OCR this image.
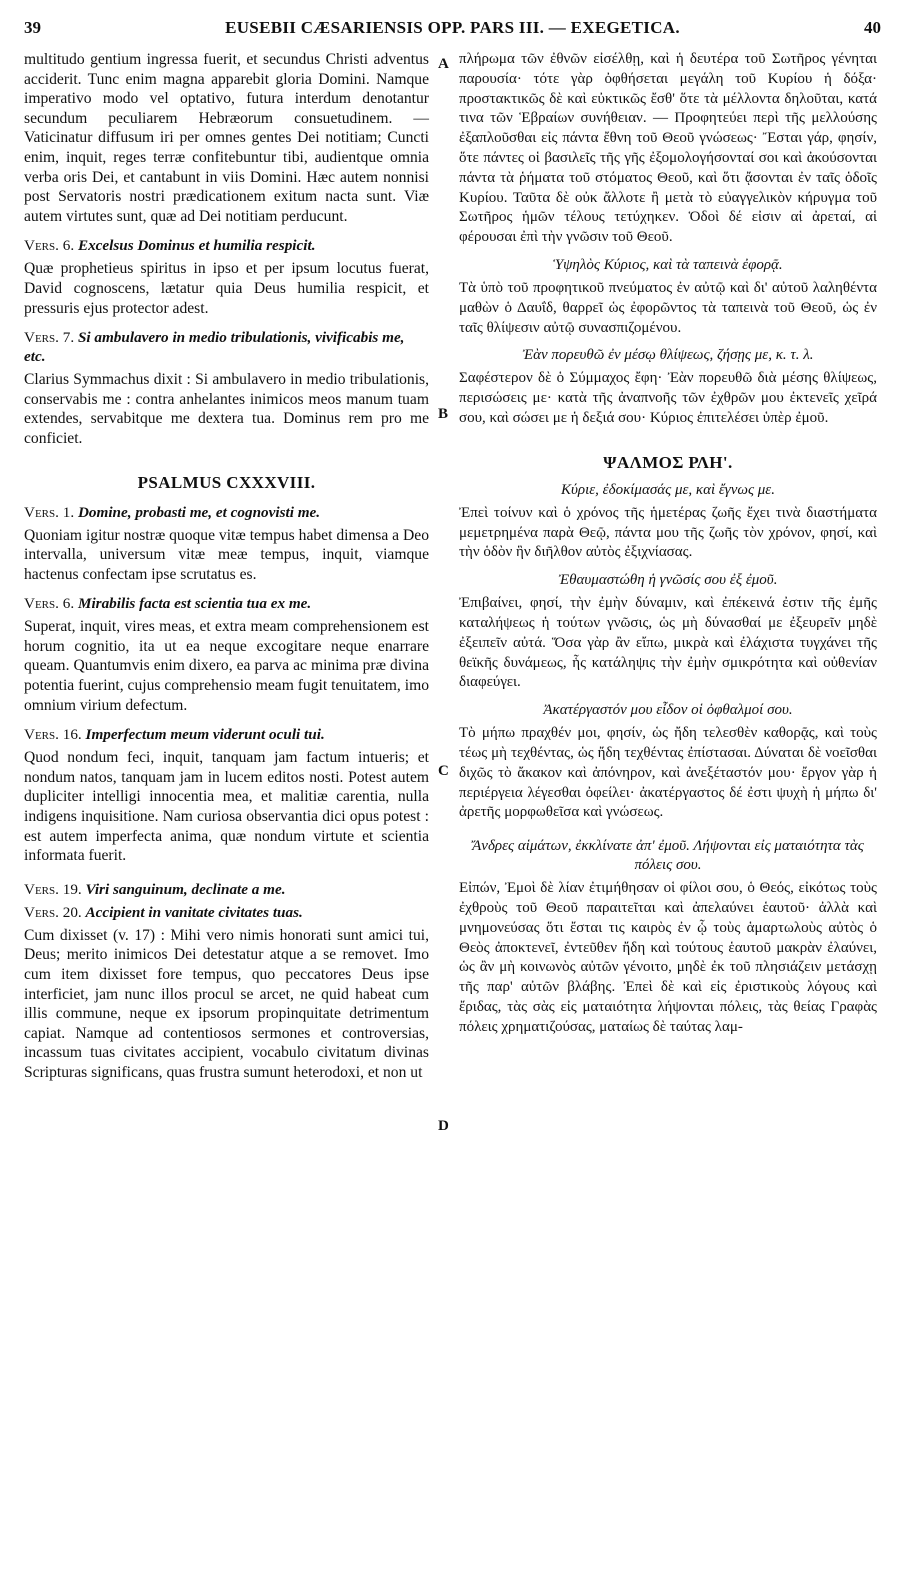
39	EUSEBII CÆSARIENSIS OPP. PARS III. — EXEGETICA.	40
A
B
C
D

multitudo gentium ingressa fuerit, et secundus Christi adventus acciderit. Tunc enim magna apparebit gloria Domini. Namque imperativo modo vel optativo, futura interdum denotantur secundum peculiarem Hebræorum consuetudinem. — Vaticinatur diffusum iri per omnes gentes Dei notitiam; Cuncti enim, inquit, reges terræ confitebuntur tibi, audientque omnia verba oris Dei, et cantabunt in viis Domini. Hæc autem nonnisi post Servatoris nostri prædicationem exitum nacta sunt. Viæ autem virtutes sunt, quæ ad Dei notitiam perducunt.

Vers. 6. Excelsus Dominus et humilia respicit.

Quæ prophetieus spiritus in ipso et per ipsum locutus fuerat, David cognoscens, lætatur quia Deus humilia respicit, et pressuris ejus protector adest.

Vers. 7. Si ambulavero in medio tribulationis, vivificabis me, etc.

Clarius Symmachus dixit : Si ambulavero in medio tribulationis, conservabis me : contra anhelantes inimicos meos manum tuam extendes, servabitque me dextera tua. Dominus rem pro me conficiet.

PSALMUS CXXXVIII.
Vers. 1. Domine, probasti me, et cognovisti me.

Quoniam igitur nostræ quoque vitæ tempus habet dimensa a Deo intervalla, universum vitæ meæ tempus, inquit, viamque hactenus confectam ipse scrutatus es.

Vers. 6. Mirabilis facta est scientia tua ex me.

Superat, inquit, vires meas, et extra meam comprehensionem est horum cognitio, ita ut ea neque excogitare neque enarrare queam. Quantumvis enim dixero, ea parva ac minima præ divina potentia fuerint, cujus comprehensio meam fugit tenuitatem, imo omnium virium defectum.

Vers. 16. Imperfectum meum viderunt oculi tui.

Quod nondum feci, inquit, tanquam jam factum intueris; et nondum natos, tanquam jam in lucem editos nosti. Potest autem dupliciter intelligi innocentia mea, et malitiæ carentia, nulla indigens inquisitione. Nam curiosa observantia dici opus potest : est autem imperfecta anima, quæ nondum virtute et scientia informata fuerit.

Vers. 19. Viri sanguinum, declinate a me.
Vers. 20. Accipient in vanitate civitates tuas.

Cum dixisset (v. 17) : Mihi vero nimis honorati sunt amici tui, Deus; merito inimicos Dei detestatur atque a se removet. Imo cum item dixisset fore tempus, quo peccatores Deus ipse interficiet, jam nunc illos procul se arcet, ne quid habeat cum illis commune, neque ex ipsorum propinquitate detrimentum capiat. Namque ad contentiosos sermones et controversias, incassum tuas civitates accipient, vocabulo civitatum divinas Scripturas significans, quas frustra sumunt heterodoxi, et non ut

πλήρωμα τῶν ἐθνῶν εἰσέλθῃ, καὶ ἡ δευτέρα τοῦ Σωτῆρος γένηται παρουσία· τότε γὰρ ὀφθήσεται μεγάλη τοῦ Κυρίου ἡ δόξα· προστακτικῶς δὲ καὶ εὐκτικῶς ἔσθ' ὅτε τὰ μέλλοντα δηλοῦται, κατά τινα τῶν Ἑβραίων συνήθειαν. — Προφητεύει περὶ τῆς μελλούσης ἐξαπλοῦσθαι εἰς πάντα ἔθνη τοῦ Θεοῦ γνώσεως· Ἔσται γάρ, φησίν, ὅτε πάντες οἱ βασιλεῖς τῆς γῆς ἐξομολογήσονταί σοι καὶ ἀκούσονται πάντα τὰ ῥήματα τοῦ στόματος Θεοῦ, καὶ ὅτι ᾄσονται ἐν ταῖς ὁδοῖς Κυρίου. Ταῦτα δὲ οὐκ ἄλλοτε ἢ μετὰ τὸ εὐαγγελικὸν κήρυγμα τοῦ Σωτῆρος ἡμῶν τέλους τετύχηκεν. Ὁδοὶ δέ εἰσιν αἱ ἀρεταί, αἱ φέρουσαι ἐπὶ τὴν γνῶσιν τοῦ Θεοῦ.

Ὑψηλὸς Κύριος, καὶ τὰ ταπεινὰ ἐφορᾷ.

Τὰ ὑπὸ τοῦ προφητικοῦ πνεύματος ἐν αὐτῷ καὶ δι' αὐτοῦ λαληθέντα μαθὼν ὁ Δαυΐδ, θαρρεῖ ὡς ἐφορῶντος τὰ ταπεινὰ τοῦ Θεοῦ, ὡς ἐν ταῖς θλίψεσιν αὐτῷ συνασπιζομένου.

Ἐὰν πορευθῶ ἐν μέσῳ θλίψεως, ζήσῃς με, κ. τ. λ.

Σαφέστερον δὲ ὁ Σύμμαχος ἔφη· Ἐὰν πορευθῶ διὰ μέσης θλίψεως, περισώσεις με· κατὰ τῆς ἀναπνοῆς τῶν ἐχθρῶν μου ἐκτενεῖς χεῖρά σου, καὶ σώσει με ἡ δεξιά σου· Κύριος ἐπιτελέσει ὑπὲρ ἐμοῦ.

ΨΑΛΜΟΣ ΡΛΗ'.
Κύριε, ἐδοκίμασάς με, καὶ ἔγνως με.

Ἐπεὶ τοίνυν καὶ ὁ χρόνος τῆς ἡμετέρας ζωῆς ἔχει τινὰ διαστήματα μεμετρημένα παρὰ Θεῷ, πάντα μου τῆς ζωῆς τὸν χρόνον, φησί, καὶ τὴν ὁδὸν ἣν διῆλθον αὐτὸς ἐξιχνίασας.

Ἐθαυμαστώθη ἡ γνῶσίς σου ἐξ ἐμοῦ.

Ἐπιβαίνει, φησί, τὴν ἐμὴν δύναμιν, καὶ ἐπέκεινά ἐστιν τῆς ἐμῆς καταλήψεως ἡ τούτων γνῶσις, ὡς μὴ δύνασθαί με ἐξευρεῖν μηδὲ ἐξειπεῖν αὐτά. Ὅσα γὰρ ἂν εἴπω, μικρὰ καὶ ἐλάχιστα τυγχάνει τῆς θεϊκῆς δυνάμεως, ἧς κατάληψις τὴν ἐμὴν σμικρότητα καὶ οὐθενίαν διαφεύγει.

Ἀκατέργαστόν μου εἶδον οἱ ὀφθαλμοί σου.

Τὸ μήπω πραχθέν μοι, φησίν, ὡς ἤδη τελεσθὲν καθορᾷς, καὶ τοὺς τέως μὴ τεχθέντας, ὡς ἤδη τεχθέντας ἐπίστασαι. Δύναται δὲ νοεῖσθαι διχῶς τὸ ἄκακον καὶ ἀπόνηρον, καὶ ἀνεξέταστόν μου· ἔργον γὰρ ἡ περιέργεια λέγεσθαι ὀφείλει· ἀκατέργαστος δέ ἐστι ψυχὴ ἡ μήπω δι' ἀρετῆς μορφωθεῖσα καὶ γνώσεως.

Ἄνδρες αἱμάτων, ἐκκλίνατε ἀπ' ἐμοῦ. Λήψονται εἰς ματαιότητα τὰς πόλεις σου.

Εἰπών, Ἐμοὶ δὲ λίαν ἐτιμήθησαν οἱ φίλοι σου, ὁ Θεός, εἰκότως τοὺς ἐχθροὺς τοῦ Θεοῦ παραιτεῖται καὶ ἀπελαύνει ἑαυτοῦ· ἀλλὰ καὶ μνημονεύσας ὅτι ἔσται τις καιρὸς ἐν ᾧ τοὺς ἁμαρτωλοὺς αὐτὸς ὁ Θεὸς ἀποκτενεῖ, ἐντεῦθεν ἤδη καὶ τούτους ἑαυτοῦ μακρὰν ἐλαύνει, ὡς ἂν μὴ κοινωνὸς αὐτῶν γένοιτο, μηδὲ ἐκ τοῦ πλησιάζειν μετάσχῃ τῆς παρ' αὐτῶν βλάβης. Ἐπεὶ δὲ καὶ εἰς ἐριστικοὺς λόγους καὶ ἔριδας, τὰς σὰς εἰς ματαιότητα λήψονται πόλεις, τὰς θείας Γραφὰς πόλεις χρηματιζούσας, ματαίως δὲ ταύτας λαμ-
